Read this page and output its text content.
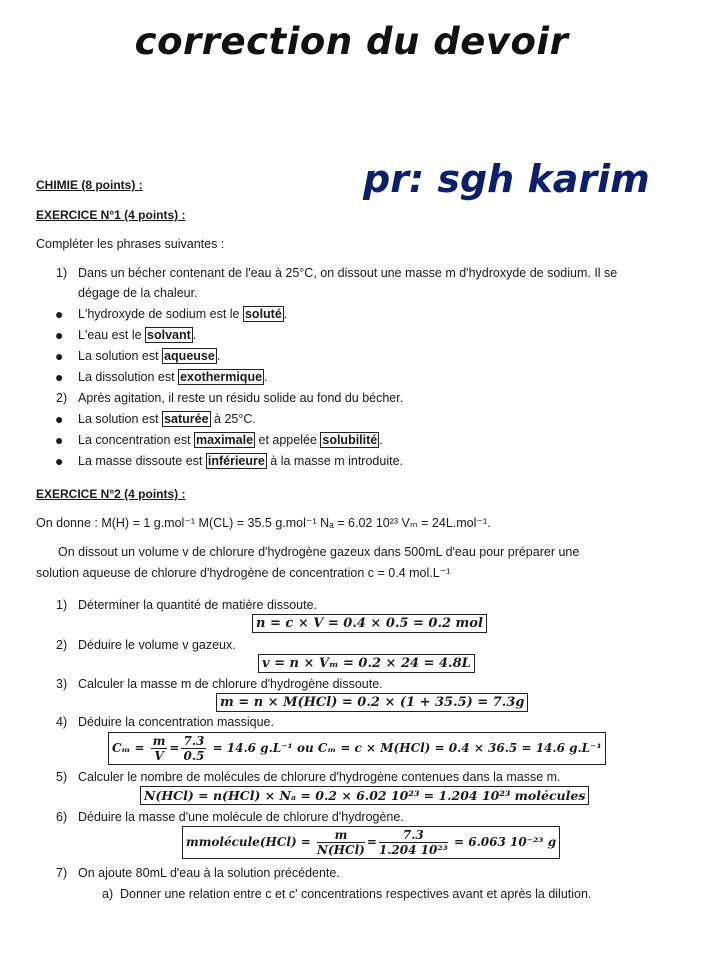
correction du devoir
pr: sgh karim
CHIMIE (8 points) :
EXERCICE N°1 (4 points) :
Compléter les phrases suivantes :
1) Dans un bécher contenant de l'eau à 25°C, on dissout une masse m d'hydroxyde de sodium. Il se
dégage de la chaleur.
● L'hydroxyde de sodium est le soluté .
● L'eau est le solvant .
● La solution est aqueuse .
● La dissolution est exothermique .
2) Après agitation, il reste un résidu solide au fond du bécher.
● La solution est saturée à 25°C.
● La concentration est maximale et appelée solubilité .
● La masse dissoute est inférieure à la masse m introduite.
EXERCICE N°2 (4 points) :
On donne : M(H) = 1 g.mol⁻¹ M(CL) = 35.5 g.mol⁻¹ Nₐ = 6.02 10²³ Vₘ = 24L.mol⁻¹.
On dissout un volume v de chlorure d'hydrogène gazeux dans 500mL d'eau pour préparer une
solution aqueuse de chlorure d'hydrogène de concentration c = 0.4 mol.L⁻¹
1) Déterminer la quantité de matière dissoute.
n = c × V = 0.4 × 0.5 = 0.2 mol
2) Déduire le volume v gazeux.
v = n × Vₘ = 0.2 × 24 = 4.8L
3) Calculer la masse m de chlorure d'hydrogène dissoute.
m = n × M(HCl) = 0.2 × (1 + 35.5) = 7.3g
4) Déduire la concentration massique.
$C_m = \frac{m}{V} = \frac{7.3}{0.5} = 14.6$ g.L⁻¹ ou Cₘ = c × M(HCl) = 0.4 × 36.5 = 14.6 g.L⁻¹
5) Calculer le nombre de molécules de chlorure d'hydrogène contenues dans la masse m.
N(HCl) = n(HCl) × Nₐ = 0.2 × 6.02 10²³ = 1.204 10²³ molécules
6) Déduire la masse d'une molécule de chlorure d'hydrogène.
mmolécule(HCl) = $\frac{m}{\text{N(HCl)}} = \frac{7.3}{\text{1.204 10²³}} = 6.063$ 10⁻²³ g
7) On ajoute 80mL d'eau à la solution précédente.
a) Donner une relation entre c et c' concentrations respectives avant et après la dilution.
